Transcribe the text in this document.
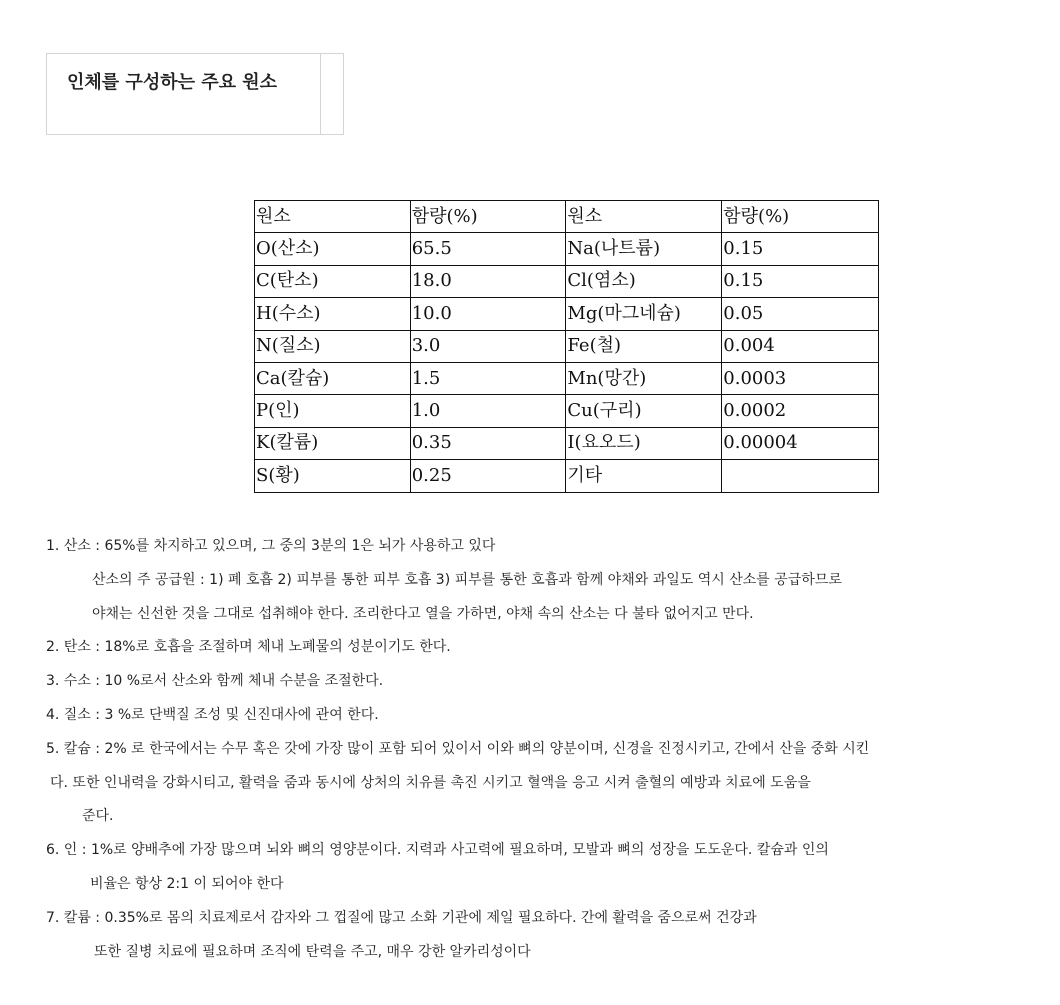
인체를 구성하는 주요 원소
원소	함량(%)	원소	함량(%)
O(산소)	65.5	Na(나트륨)	0.15
C(탄소)	18.0	Cl(염소)	0.15
H(수소)	10.0	Mg(마그네슘)	0.05
N(질소)	3.0	Fe(철)	0.004
Ca(칼슘)	1.5	Mn(망간)	0.0003
P(인)	1.0	Cu(구리)	0.0002
K(칼륨)	0.35	I(요오드)	0.00004
S(황)	0.25	기타	
1. 산소 : 65%를 차지하고 있으며, 그 중의 3분의 1은 뇌가 사용하고 있다
산소의 주 공급원 : 1) 폐 호흡 2) 피부를 통한 피부 호흡 3) 피부를 통한 호흡과 함께 야채와 과일도 역시 산소를 공급하므로
야채는 신선한 것을 그대로 섭취해야 한다. 조리한다고 열을 가하면, 야채 속의 산소는 다 불타 없어지고 만다.
2. 탄소 : 18%로 호흡을 조절하며 체내 노폐물의 성분이기도 한다.
3. 수소 : 10 %로서 산소와 함께 체내 수분을 조절한다.
4. 질소 : 3 %로 단백질 조성 및 신진대사에 관여 한다.
5. 칼슘 : 2% 로 한국에서는 수무 혹은 갓에 가장 많이 포함 되어 있이서 이와 뼈의 양분이며, 신경을 진정시키고, 간에서 산을 중화 시킨
다. 또한 인내력을 강화시티고, 활력을 줌과 동시에 상처의 치유를 촉진 시키고 혈액을 응고 시켜 출혈의 예방과 치료에 도움을
준다.
6. 인 : 1%로 양배추에 가장 많으며 뇌와 뼈의 영양분이다. 지력과 사고력에 필요하며, 모발과 뼈의 성장을 도도운다. 칼슘과 인의
비율은 항상 2:1 이 되어야 한다
7. 칼륨 : 0.35%로 몸의 치료제로서 감자와 그 껍질에 많고 소화 기관에 제일 필요하다. 간에 활력을 줌으로써 건강과
또한 질병 치료에 필요하며 조직에 탄력을 주고, 매우 강한 알카리성이다
